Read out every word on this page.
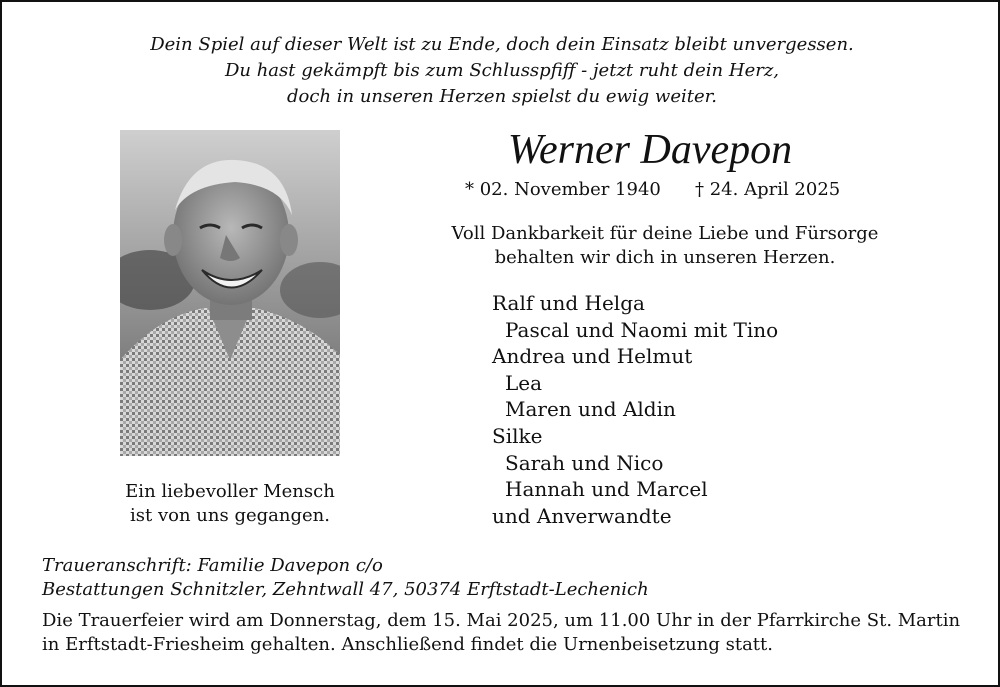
Dein Spiel auf dieser Welt ist zu Ende, doch dein Einsatz bleibt unvergessen.
Du hast gekämpft bis zum Schlusspfiff - jetzt ruht dein Herz,
doch in unseren Herzen spielst du ewig weiter.
Ein liebevoller Mensch
ist von uns gegangen.
Werner Davepon
* 02. November 1940 † 24. April 2025
Voll Dankbarkeit für deine Liebe und Fürsorge
behalten wir dich in unseren Herzen.
Ralf und Helga
Pascal und Naomi mit Tino
Andrea und Helmut
Lea
Maren und Aldin
Silke
Sarah und Nico
Hannah und Marcel
und Anverwandte
Traueranschrift: Familie Davepon c/o
Bestattungen Schnitzler, Zehntwall 47, 50374 Erftstadt-Lechenich
Die Trauerfeier wird am Donnerstag, dem 15. Mai 2025, um 11.00 Uhr in der Pfarrkirche St. Martin
in Erftstadt-Friesheim gehalten. Anschließend findet die Urnenbeisetzung statt.
